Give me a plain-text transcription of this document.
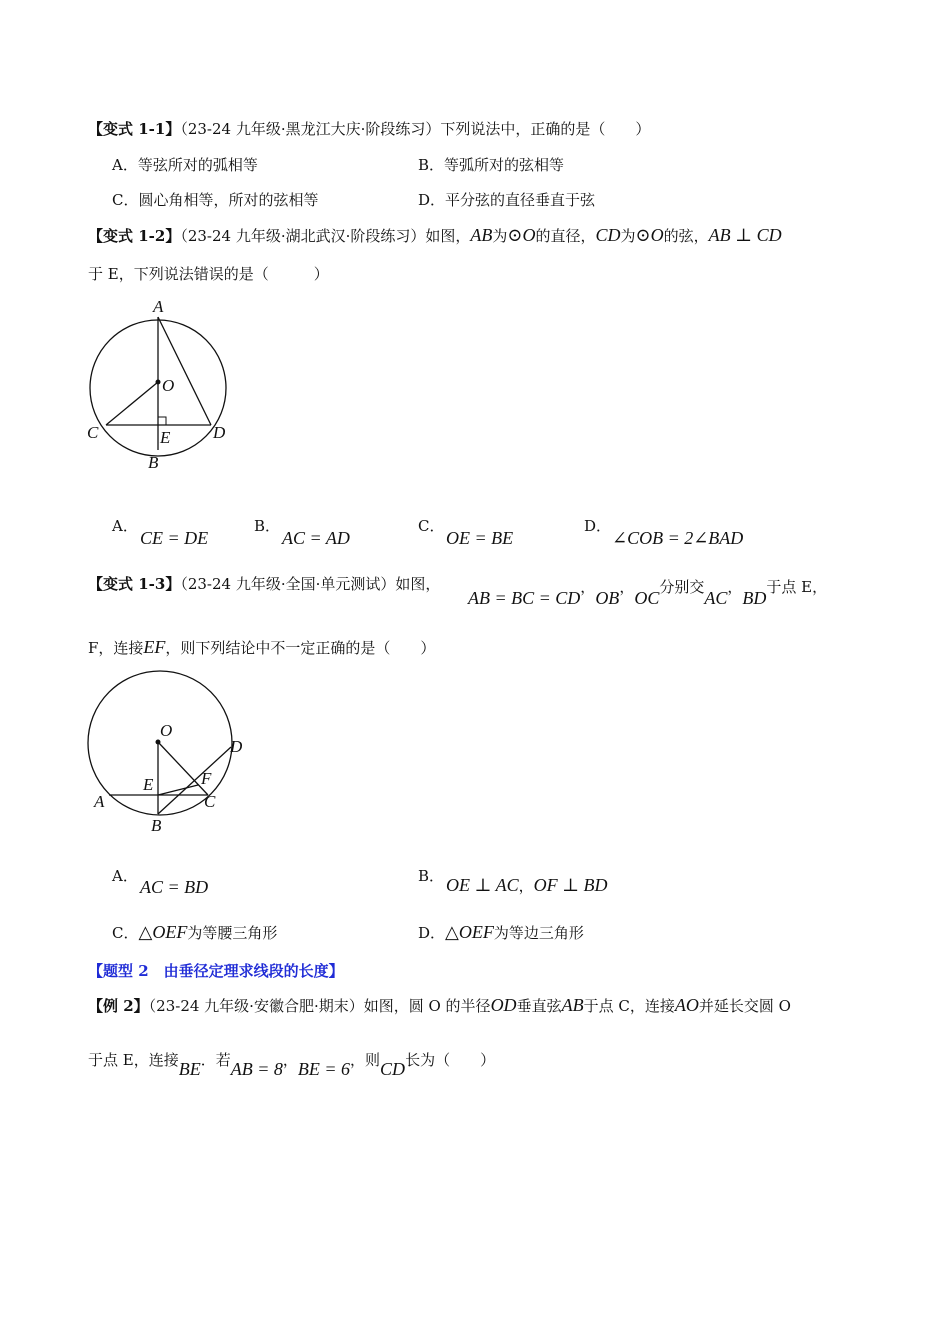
【变式 1-1】（23-24 九年级·黑龙江大庆·阶段练习）下列说法中，正确的是（　　）
A．等弦所对的弧相等	B．等弧所对的弦相等
C．圆心角相等，所对的弦相等	D．平分弦的直径垂直于弦
【变式 1-2】（23-24 九年级·湖北武汉·阶段练习）如图，AB为⊙O的直径，CD为⊙O的弦，AB ⊥ CD
于 E，下列说法错误的是（　　　）
A
O
C	D
E
B
A．
CE = DE
B．
AC = AD
C．
OE = BE
D．
∠COB = 2∠BAD
【变式 1-3】（23-24 九年级·全国·单元测试）如图，
AB = BC = CD，OB，OC分别交AC，BD于点 E，
F，连接EF，则下列结论中不一定正确的是（　　）
O
D
E	F
A	C
B
A．
AC = BD
B． OE ⊥ AC，OF ⊥ BD
C．△OEF为等腰三角形	D．△OEF为等边三角形
【题型 2　由垂径定理求线段的长度】
【例 2】（23-24 九年级·安徽合肥·期末）如图，圆 O 的半径OD垂直弦AB于点 C，连接AO并延长交圆 O
于点 E，连接BE．若AB = 8，BE = 6，则CD长为（　　）
